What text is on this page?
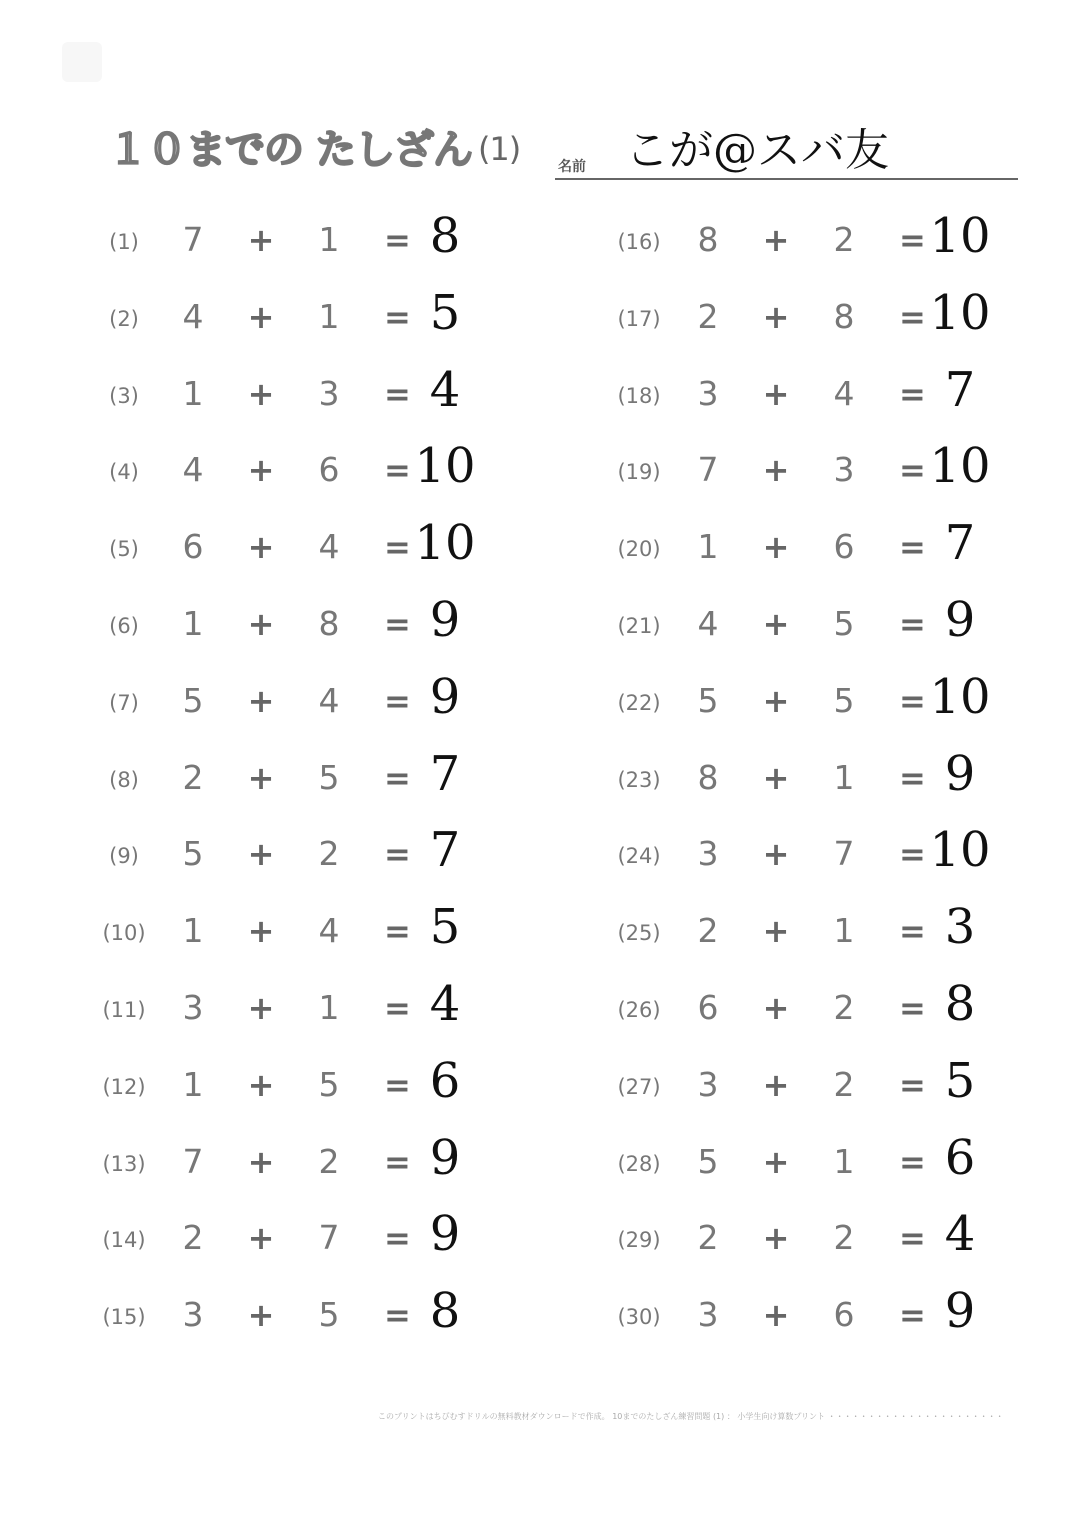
１０までの たしざん (1)	名前 こが@スバ友
(1)	7 + 1 = 8
(2)	4 + 1 = 5
(3)	1 + 3 = 4
(4)	4 + 6 = 10
(5)	6 + 4 = 10
(6)	1 + 8 = 9
(7)	5 + 4 = 9
(8)	2 + 5 = 7
(9)	5 + 2 = 7
(10) 1 + 4 = 5
(11) 3 + 1 = 4
(12) 1 + 5 = 6
(13) 7 + 2 = 9
(14) 2 + 7 = 9
(15) 3 + 5 = 8
(16) 8 + 2 = 10
(17) 2 + 8 = 10
(18) 3 + 4 = 7
(19) 7 + 3 = 10
(20) 1 + 6 = 7
(21) 4 + 5 = 9
(22) 5 + 5 = 10
(23) 8 + 1 = 9
(24) 3 + 7 = 10
(25) 2 + 1 = 3
(26) 6 + 2 = 8
(27) 3 + 2 = 5
(28) 5 + 1 = 6
(29) 2 + 2 = 4
(30) 3 + 6 = 9
このプリントはちびむすドリルの無料教材ダウンロードで作成。 10までのたしざん練習問題 (1) ： 小学生向け算数プリント ・・・・・・・・・・・・・・・・・・・・・・
